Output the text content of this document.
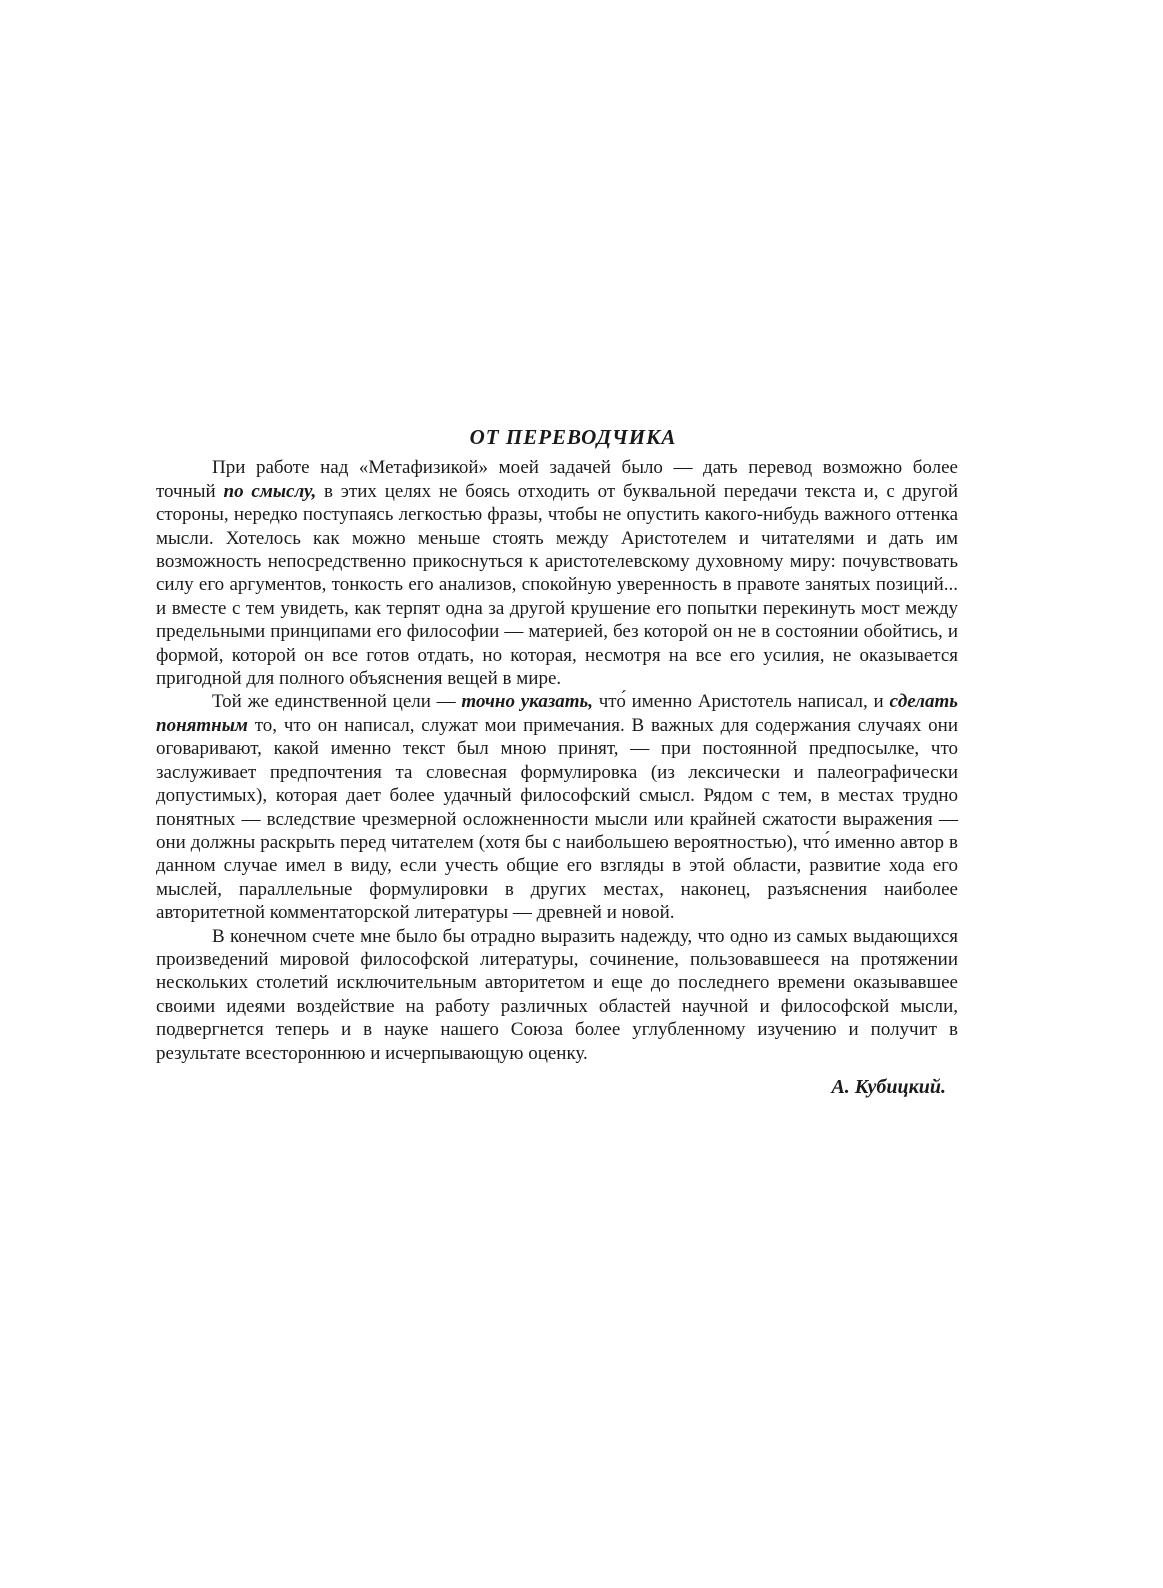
ОТ ПЕРЕВОДЧИКА

При работе над «Метафизикой» моей задачей было — дать перевод возможно более точный по смыслу, в этих целях не боясь отходить от буквальной передачи текста и, с другой стороны, нередко поступаясь легкостью фразы, чтобы не опустить какого-нибудь важного оттенка мысли. Хотелось как можно меньше стоять между Аристотелем и читателями и дать им возможность непосредственно прикоснуться к аристотелевскому духовному миру: почувствовать силу его аргументов, тонкость его анализов, спокойную уверенность в правоте занятых позиций... и вместе с тем увидеть, как терпят одна за другой крушение его попытки перекинуть мост между предельными принципами его философии — материей, без которой он не в состоянии обойтись, и формой, которой он все готов отдать, но которая, несмотря на все его усилия, не оказывается пригодной для полного объяснения вещей в мире.

Той же единственной цели — точно указать, что́ именно Аристотель написал, и сделать понятным то, что он написал, служат мои примечания. В важных для содержания случаях они оговаривают, какой именно текст был мною принят, — при постоянной предпосылке, что заслуживает предпочтения та словесная формулировка (из лексически и палеографически допустимых), которая дает более удачный философский смысл. Рядом с тем, в местах трудно понятных — вследствие чрезмерной осложненности мысли или крайней сжатости выражения — они должны раскрыть перед читателем (хотя бы с наибольшею вероятностью), что́ именно автор в данном случае имел в виду, если учесть общие его взгляды в этой области, развитие хода его мыслей, параллельные формулировки в других местах, наконец, разъяснения наиболее авторитетной комментаторской литературы — древней и новой.

В конечном счете мне было бы отрадно выразить надежду, что одно из самых выдающихся произведений мировой философской литературы, сочинение, пользовавшееся на протяжении нескольких столетий исключительным авторитетом и еще до последнего времени оказывавшее своими идеями воздействие на работу различных областей научной и философской мысли, подвергнется теперь и в науке нашего Союза более углубленному изучению и получит в результате всестороннюю и исчерпывающую оценку.

А. Кубицкий.
